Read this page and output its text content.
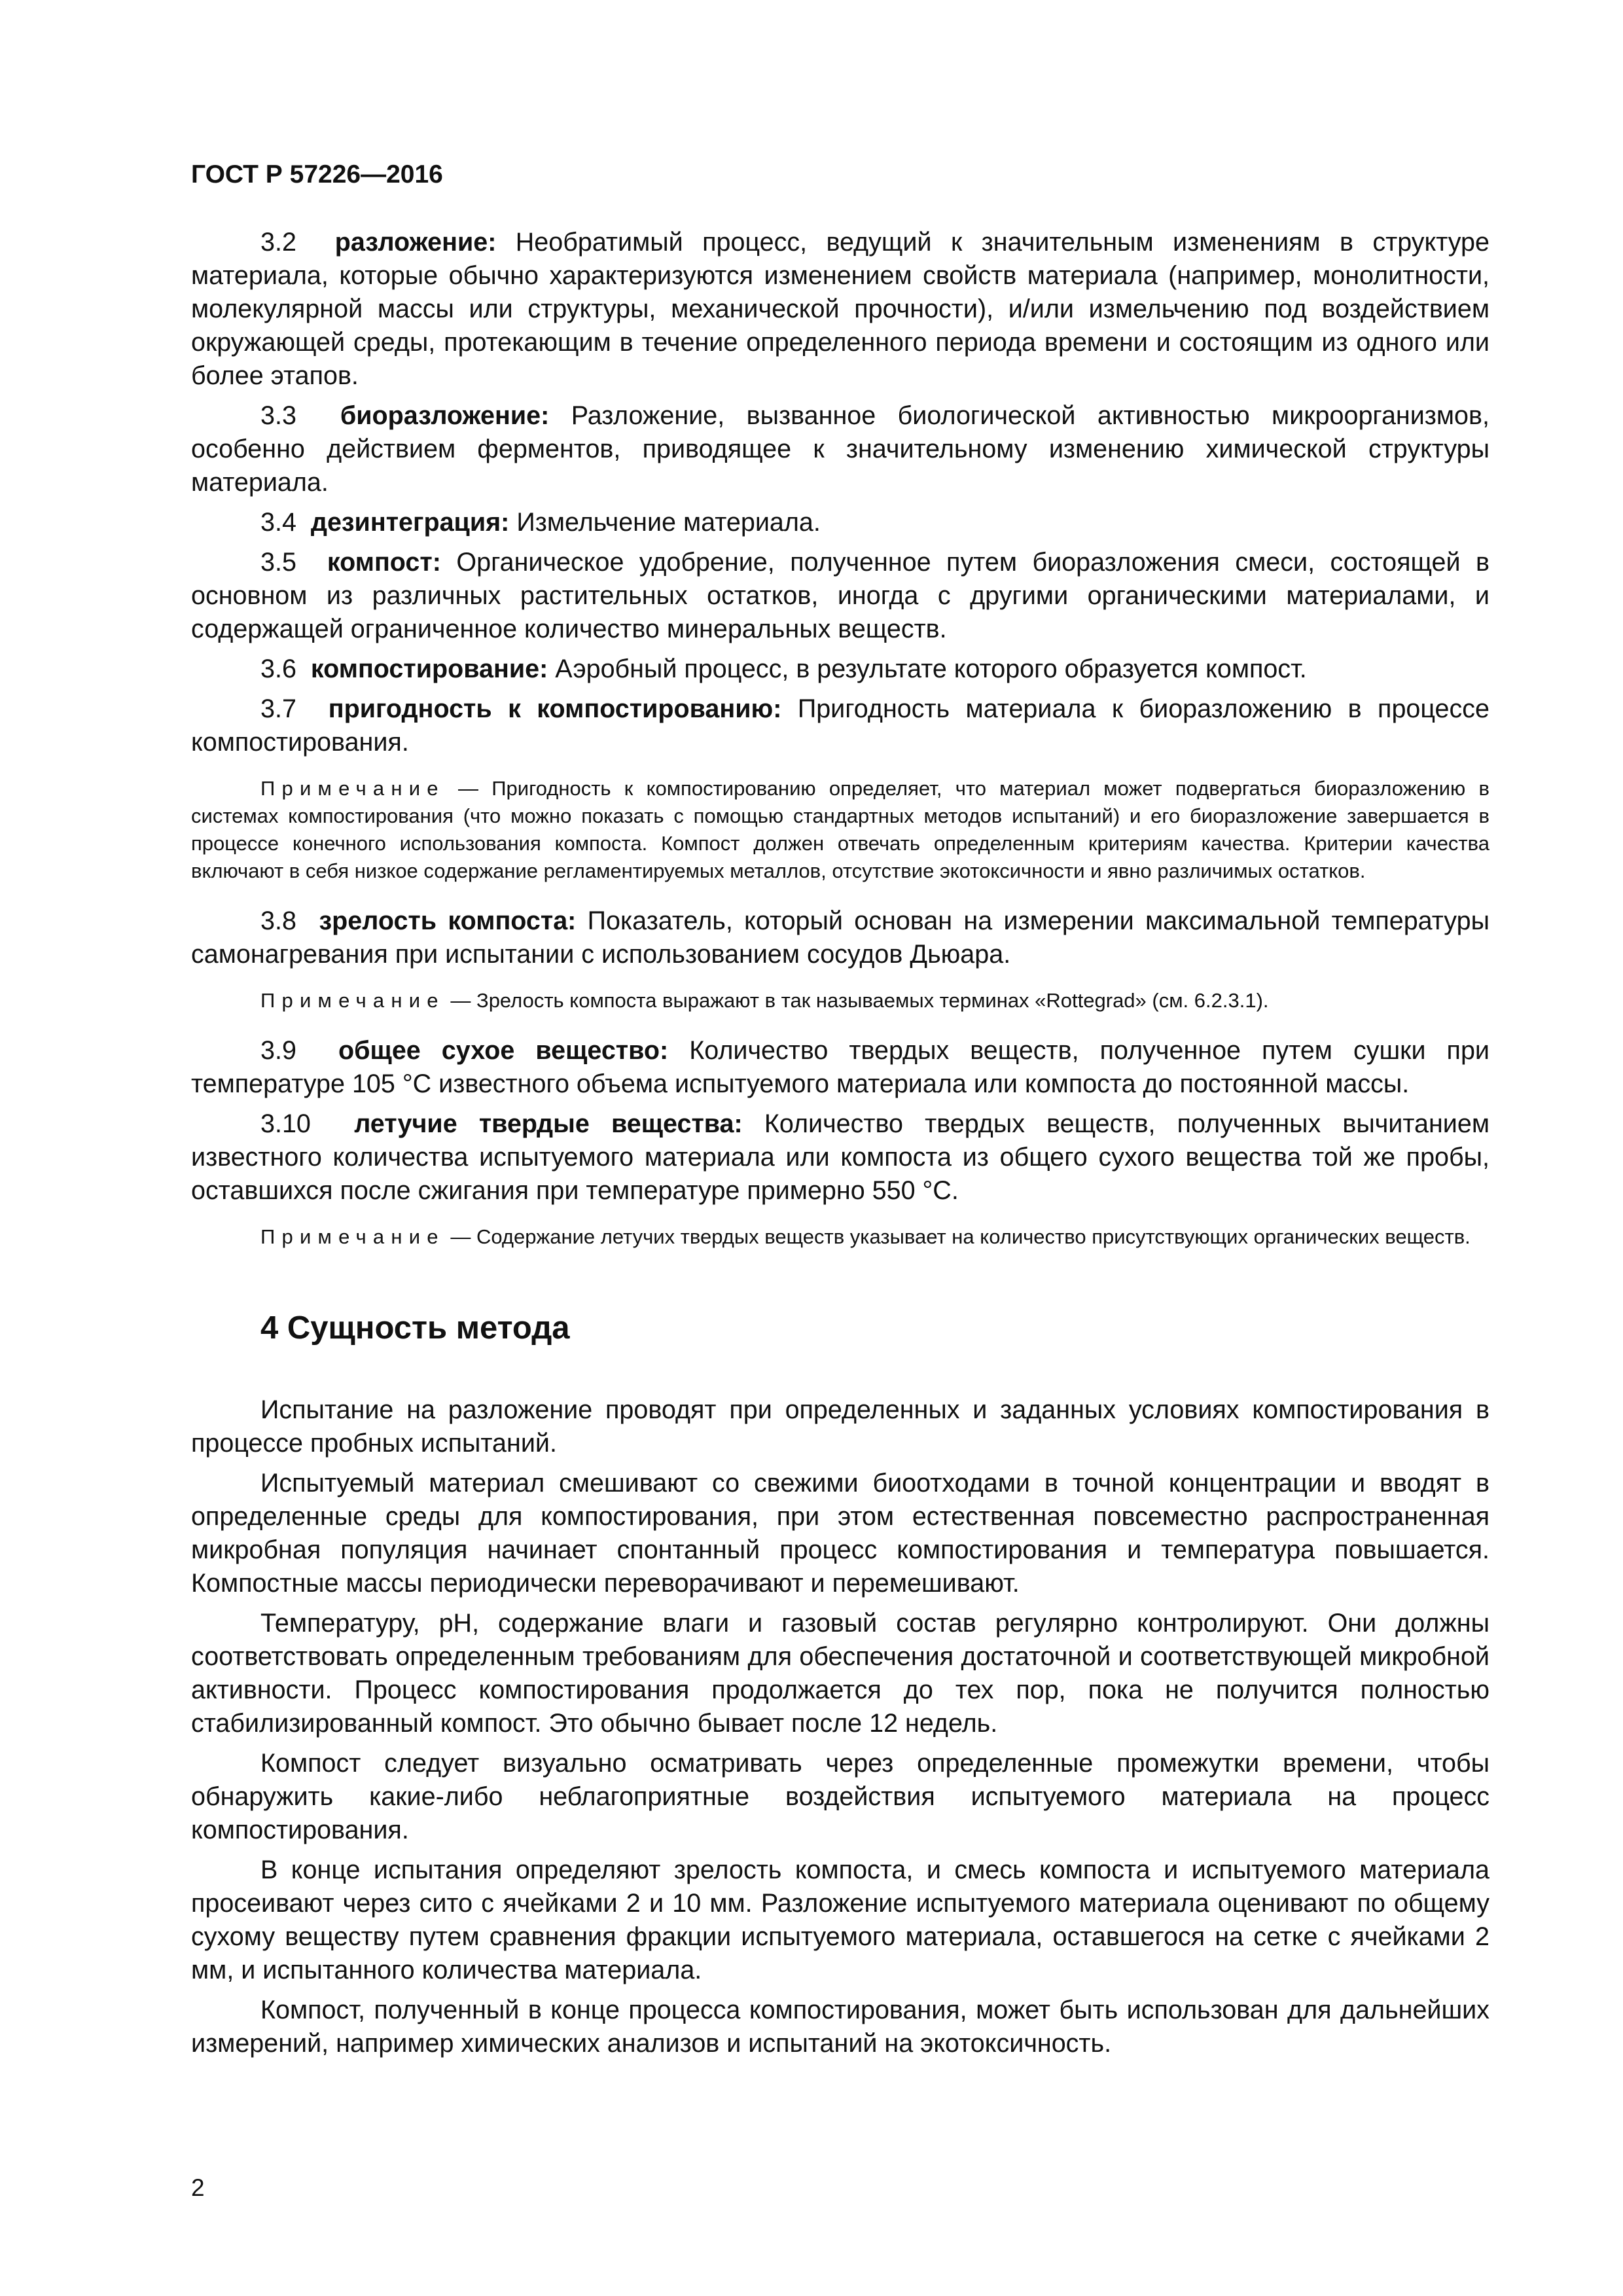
ГОСТ Р 57226—2016

3.2 разложение: Необратимый процесс, ведущий к значительным изменениям в структуре материала, которые обычно характеризуются изменением свойств материала (например, монолитности, молекулярной массы или структуры, механической прочности), и/или измельчению под воздействием окружающей среды, протекающим в течение определенного периода времени и состоящим из одного или более этапов.

3.3 биоразложение: Разложение, вызванное биологической активностью микроорганизмов, особенно действием ферментов, приводящее к значительному изменению химической структуры материала.

3.4 дезинтеграция: Измельчение материала.

3.5 компост: Органическое удобрение, полученное путем биоразложения смеси, состоящей в основном из различных растительных остатков, иногда с другими органическими материалами, и содержащей ограниченное количество минеральных веществ.

3.6 компостирование: Аэробный процесс, в результате которого образуется компост.

3.7 пригодность к компостированию: Пригодность материала к биоразложению в процессе компостирования.

Примечание — Пригодность к компостированию определяет, что материал может подвергаться биоразложению в системах компостирования (что можно показать с помощью стандартных методов испытаний) и его биоразложение завершается в процессе конечного использования компоста. Компост должен отвечать определенным критериям качества. Критерии качества включают в себя низкое содержание регламентируемых металлов, отсутствие экотоксичности и явно различимых остатков.

3.8 зрелость компоста: Показатель, который основан на измерении максимальной температуры самонагревания при испытании с использованием сосудов Дьюара.

Примечание — Зрелость компоста выражают в так называемых терминах «Rottegrad» (см. 6.2.3.1).

3.9 общее сухое вещество: Количество твердых веществ, полученное путем сушки при температуре 105 °С известного объема испытуемого материала или компоста до постоянной массы.

3.10 летучие твердые вещества: Количество твердых веществ, полученных вычитанием известного количества испытуемого материала или компоста из общего сухого вещества той же пробы, оставшихся после сжигания при температуре примерно 550 °С.

Примечание — Содержание летучих твердых веществ указывает на количество присутствующих органических веществ.

4 Сущность метода

Испытание на разложение проводят при определенных и заданных условиях компостирования в процессе пробных испытаний.

Испытуемый материал смешивают со свежими биоотходами в точной концентрации и вводят в определенные среды для компостирования, при этом естественная повсеместно распространенная микробная популяция начинает спонтанный процесс компостирования и температура повышается. Компостные массы периодически переворачивают и перемешивают.

Температуру, pH, содержание влаги и газовый состав регулярно контролируют. Они должны соответствовать определенным требованиям для обеспечения достаточной и соответствующей микробной активности. Процесс компостирования продолжается до тех пор, пока не получится полностью стабилизированный компост. Это обычно бывает после 12 недель.

Компост следует визуально осматривать через определенные промежутки времени, чтобы обнаружить какие-либо неблагоприятные воздействия испытуемого материала на процесс компостирования.

В конце испытания определяют зрелость компоста, и смесь компоста и испытуемого материала просеивают через сито с ячейками 2 и 10 мм. Разложение испытуемого материала оценивают по общему сухому веществу путем сравнения фракции испытуемого материала, оставшегося на сетке с ячейками 2 мм, и испытанного количества материала.

Компост, полученный в конце процесса компостирования, может быть использован для дальнейших измерений, например химических анализов и испытаний на экотоксичность.

2
